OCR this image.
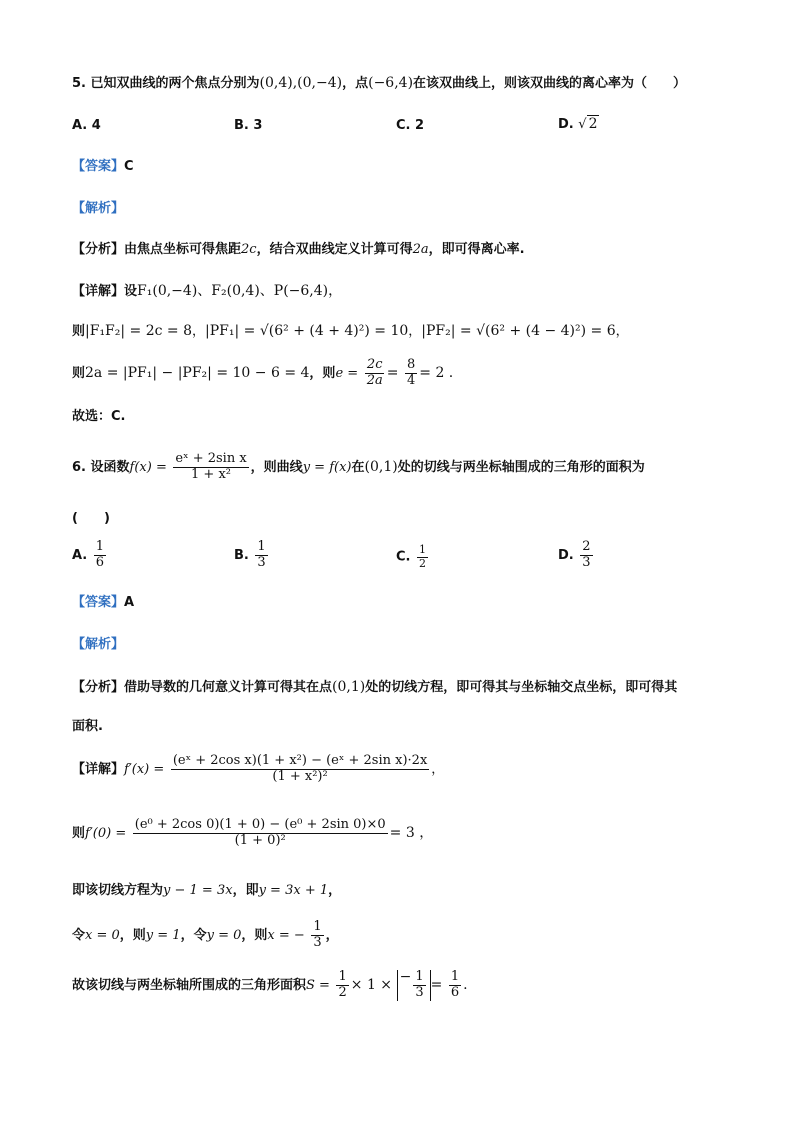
5. 已知双曲线的两个焦点分别为(0,4),(0,−4)，点(−6,4)在该双曲线上，则该双曲线的离心率为（　　）
A. 4	B. 3	C. 2	D. √ 2
【答案】C
【解析】
【分析】由焦点坐标可得焦距2c，结合双曲线定义计算可得2a，即可得离心率.
【详解】设F₁(0,−4)、F₂(0,4)、P(−6,4)，
则|F₁F₂| = 2c = 8，|PF₁| = √(6² + (4 + 4)²) = 10，|PF₂| = √(6² + (4 − 4)²) = 6，
则2a = |PF₁| − |PF₂| = 10 − 6 = 4，则$e = \frac{2c}{2a} = \frac{8}{4} = 2$ .
故选：C.
6. 设函数$f(x) = \frac{\text{eˣ + 2sin x}}{\text{1 + x²}}$ ，则曲线y = f(x)在(0,1)处的切线与两坐标轴围成的三角形的面积为
(　　)
A. $\frac{1}{6}$	B. $\frac{1}{3}$	C. $\frac{1}{2}$	D. $\frac{2}{3}$
【答案】A
【解析】
【分析】借助导数的几何意义计算可得其在点(0,1)处的切线方程，即可得其与坐标轴交点坐标，即可得其
面积.
【详解】$f'(x) = \frac{\text{(eˣ + 2cos x)(1 + x²) − (eˣ + 2sin x)·2x}}{\text{(1 + x²)²}}$ ，
则$f'(0) = \frac{\text{(e⁰ + 2cos 0)(1 + 0) − (e⁰ + 2sin 0)×0}}{\text{(1 + 0)²}} = 3$ ，
即该切线方程为y − 1 = 3x，即y = 3x + 1，
令x = 0，则y = 1，令y = 0，则x = − $\frac{1}{3}$ ，
故该切线与两坐标轴所围成的三角形面积$S = \frac{1}{2} \times 1$ × − $\frac{1}{3} = \frac{1}{6}$ .
